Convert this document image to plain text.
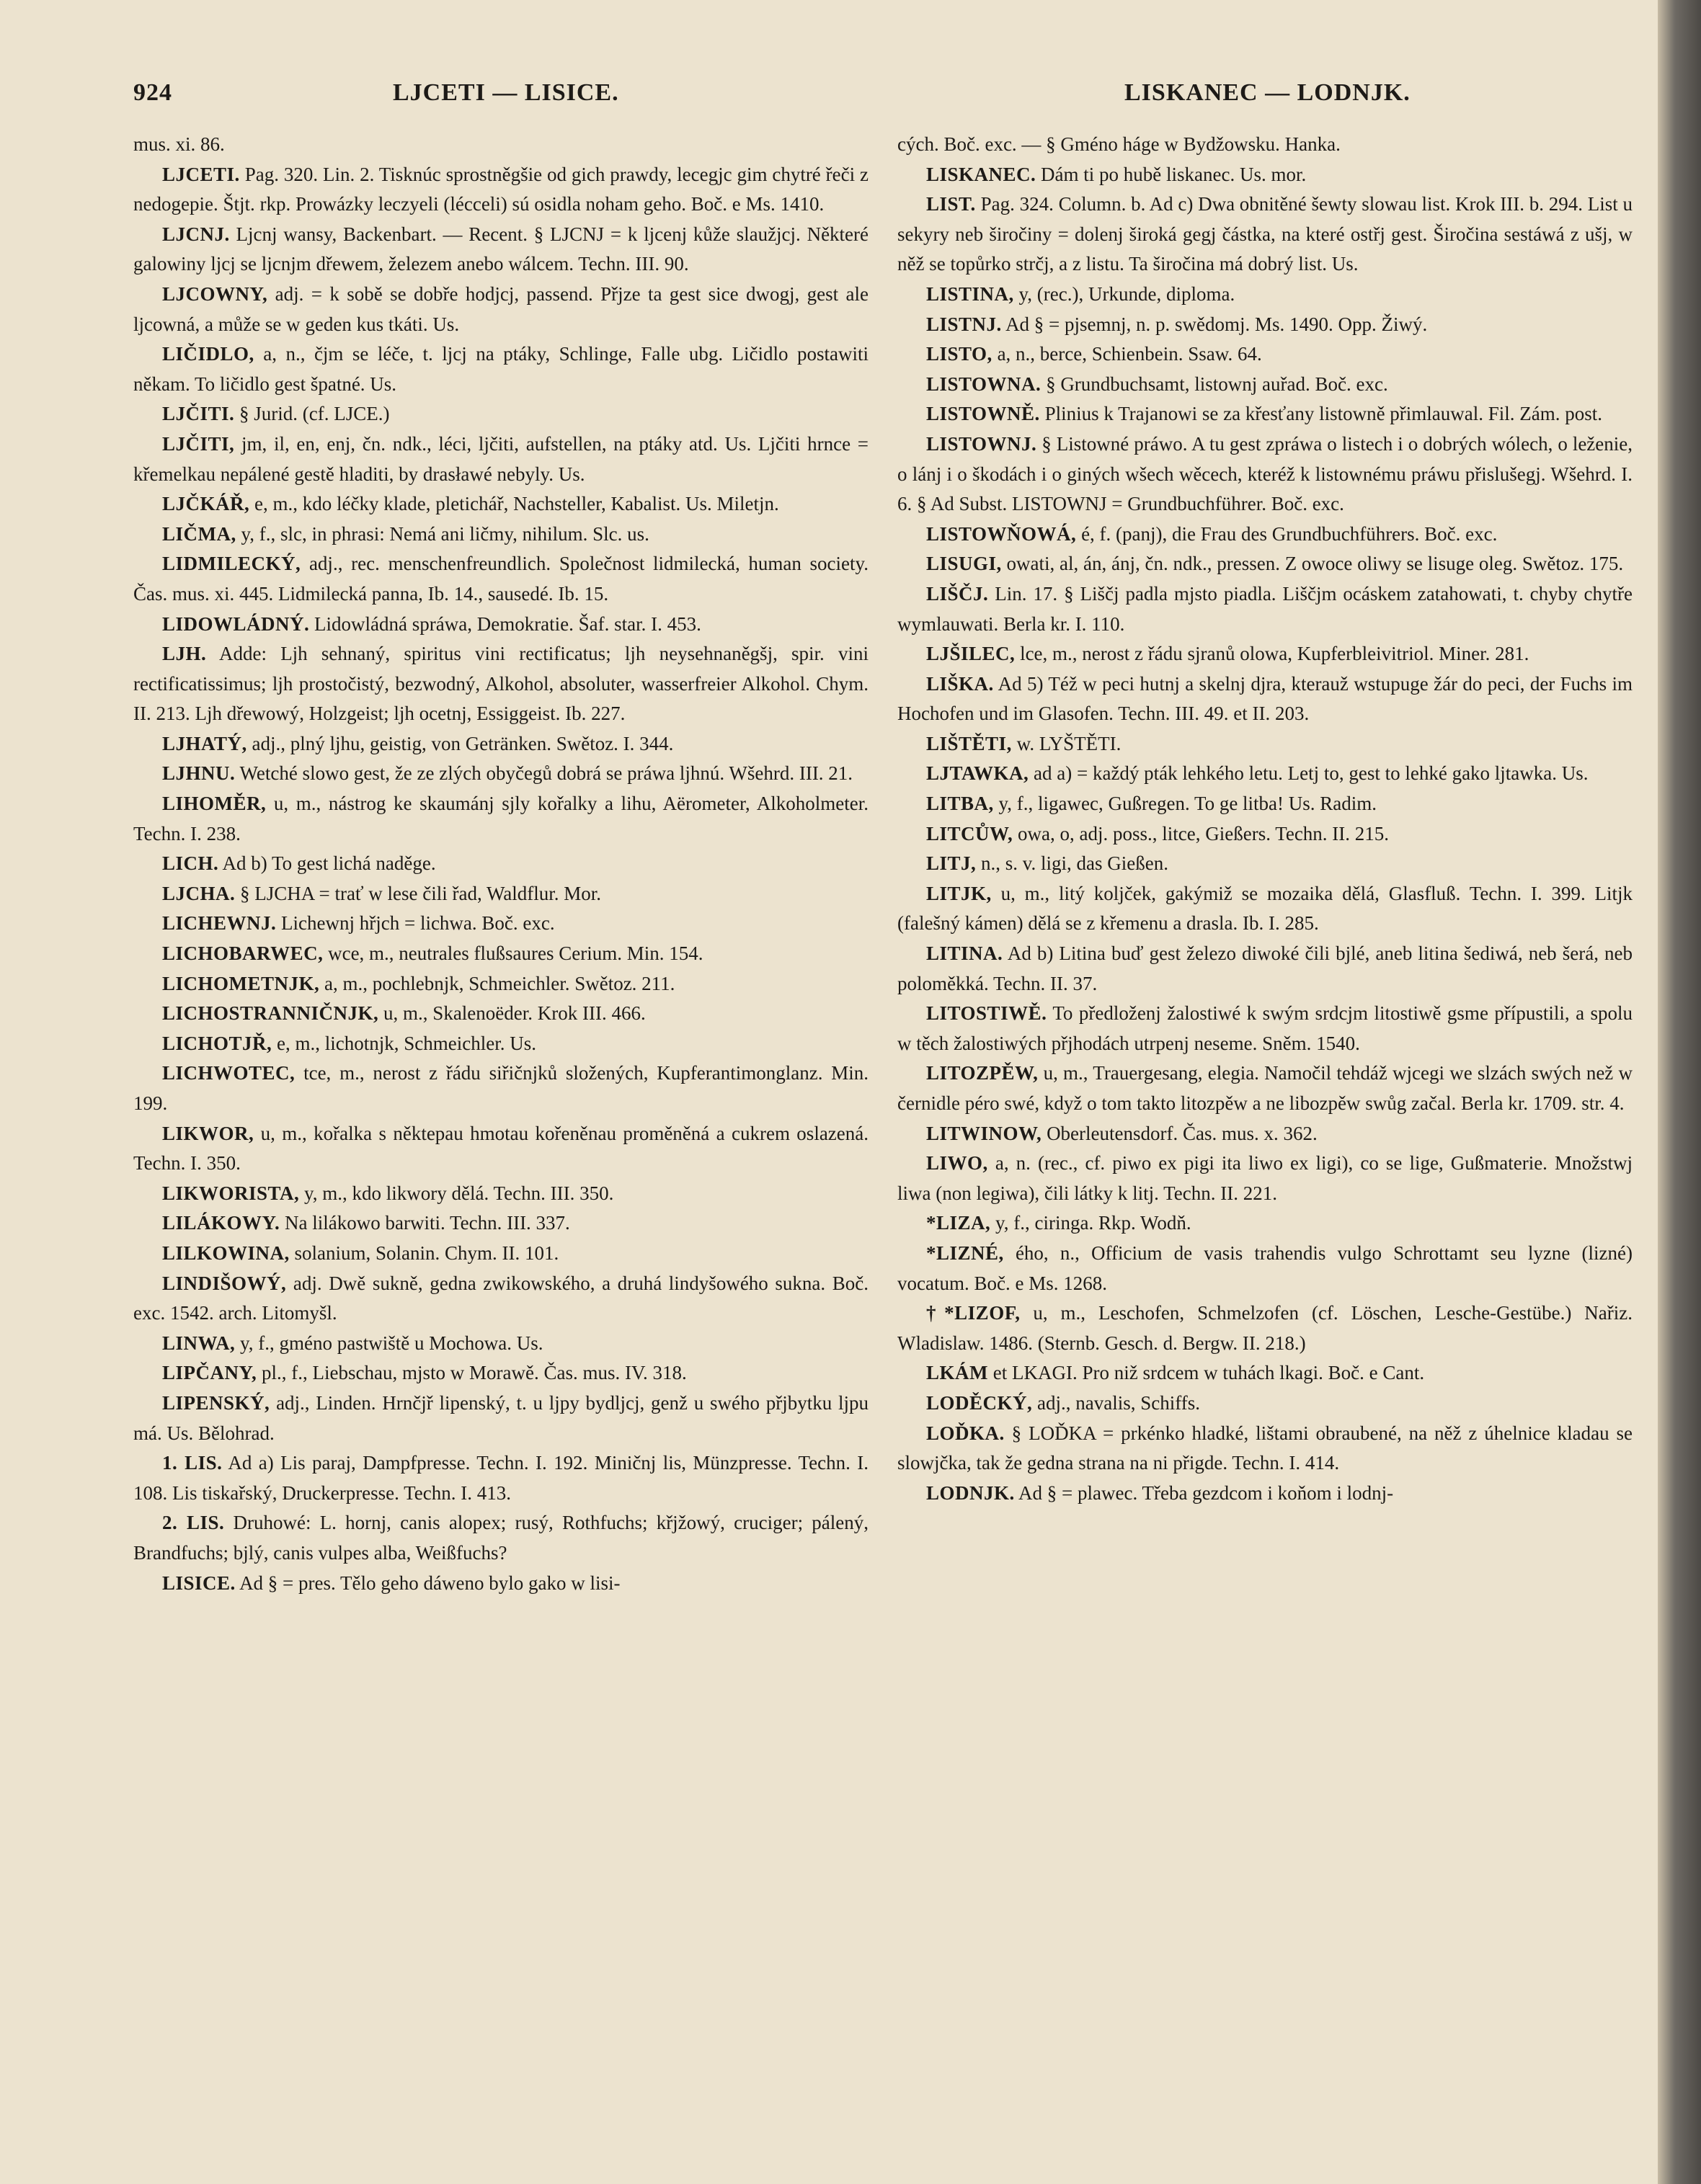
924	LJCETI — LISICE.	LISKANEC — LODNJK.

mus. xi. 86.

LJCETI. Pag. 320. Lin. 2. Tisknúc sprostněgšie od gich prawdy, lecegjc gim chytré řeči z nedogepie. Štjt. rkp. Prowázky leczyeli (lécceli) sú osidla noham geho. Boč. e Ms. 1410.

LJCNJ. Ljcnj wansy, Backenbart. — Recent. § LJCNJ = k ljcenj kůže slaužjcj. Některé galowiny ljcj se ljcnjm dřewem, železem anebo wálcem. Techn. III. 90.

LJCOWNY, adj. = k sobě se dobře hodjcj, passend. Přjze ta gest sice dwogj, gest ale ljcowná, a může se w geden kus tkáti. Us.

LIČIDLO, a, n., čjm se léče, t. ljcj na ptáky, Schlinge, Falle ubg. Ličidlo postawiti někam. To ličidlo gest špatné. Us.

LJČITI. § Jurid. (cf. LJCE.)

LJČITI, jm, il, en, enj, čn. ndk., léci, ljčiti, aufstellen, na ptáky atd. Us. Ljčiti hrnce = křemelkau nepálené gestě hladiti, by drasławé nebyly. Us.

LJČKÁŘ, e, m., kdo léčky klade, pletichář, Nachsteller, Kabalist. Us. Miletjn.

LIČMA, y, f., slc, in phrasi: Nemá ani ličmy, nihilum. Slc. us.

LIDMILECKÝ, adj., rec. menschenfreundlich. Společnost lidmilecká, human society. Čas. mus. xi. 445. Lidmilecká panna, Ib. 14., sausedé. Ib. 15.

LIDOWLÁDNÝ. Lidowládná spráwa, Demokratie. Šaf. star. I. 453.

LJH. Adde: Ljh sehnaný, spiritus vini rectificatus; ljh neysehnaněgšj, spir. vini rectificatissimus; ljh prostočistý, bezwodný, Alkohol, absoluter, wasserfreier Alkohol. Chym. II. 213. Ljh dřewowý, Holzgeist; ljh ocetnj, Essiggeist. Ib. 227.

LJHATÝ, adj., plný ljhu, geistig, von Getränken. Swětoz. I. 344.

LJHNU. Wetché slowo gest, že ze zlých obyčegů dobrá se práwa ljhnú. Wšehrd. III. 21.

LIHOMĚR, u, m., nástrog ke skaumánj sjly kořalky a lihu, Aërometer, Alkoholmeter. Techn. I. 238.

LICH. Ad b) To gest lichá naděge.

LJCHA. § LJCHA = trať w lese čili řad, Waldflur. Mor.

LICHEWNJ. Lichewnj hřjch = lichwa. Boč. exc.

LICHOBARWEC, wce, m., neutrales flußsaures Cerium. Min. 154.

LICHOMETNJK, a, m., pochlebnjk, Schmeichler. Swětoz. 211.

LICHOSTRANNIČNJK, u, m., Skalenoëder. Krok III. 466.

LICHOTJŘ, e, m., lichotnjk, Schmeichler. Us.

LICHWOTEC, tce, m., nerost z řádu siřičnjků složených, Kupferantimonglanz. Min. 199.

LIKWOR, u, m., kořalka s něktерau hmotau kořeněnau proměněná a cukrem oslazená. Techn. I. 350.

LIKWORISTA, y, m., kdo likwory dělá. Techn. III. 350.

LILÁKOWY. Na lilákowo barwiti. Techn. III. 337.

LILKOWINA, solanium, Solanin. Chym. II. 101.

LINDIŠOWÝ, adj. Dwě sukně, gedna zwikowského, a druhá lindyšowého sukna. Boč. exc. 1542. arch. Litomyšl.

LINWA, y, f., gméno pastwiště u Mochowa. Us.

LIPČANY, pl., f., Liebschau, mjsto w Morawě. Čas. mus. IV. 318.

LIPENSKÝ, adj., Linden. Hrnčjř lipenský, t. u ljpy bydljcj, genž u swého přjbytku ljpu má. Us. Bělohrad.

1. LIS. Ad a) Lis paraj, Dampfpresse. Techn. I. 192. Miničnj lis, Münzpresse. Techn. I. 108. Lis tiskařský, Druckerpresse. Techn. I. 413.

2. LIS. Druhowé: L. hornj, canis alopex; rusý, Rothfuchs; křjžowý, cruciger; pálený, Brandfuchs; bjlý, canis vulpes alba, Weißfuchs?

LISICE. Ad § = pres. Tělo geho dáweno bylo gako w lisi-

cých. Boč. exc. — § Gméno háge w Bydžowsku. Hanka.

LISKANEC. Dám ti po hubě liskanec. Us. mor.

LIST. Pag. 324. Column. b. Ad c) Dwa obnitěné šewty slowau list. Krok III. b. 294. List u sekyry neb širočiny = dolenj široká gegj částka, na které ostřj gest. Širočina sestáwá z ušj, w něž se topůrko strčj, a z listu. Ta širočina má dobrý list. Us.

LISTINA, y, (rec.), Urkunde, diploma.

LISTNJ. Ad § = pjsemnj, n. p. swědomj. Ms. 1490. Opp. Žiwý.

LISTO, a, n., berce, Schienbein. Ssaw. 64.

LISTOWNA. § Grundbuchsamt, listownj auřad. Boč. exc.

LISTOWNĚ. Plinius k Trajanowi se za křesťany listowně přimlauwal. Fil. Zám. post.

LISTOWNJ. § Listowné práwo. A tu gest zpráwa o listech i o dobrých wólech, o leženie, o lánj i o škodách i o giných wšech wěcech, kteréž k listownému práwu přislušegj. Wšehrd. I. 6. § Ad Subst. LISTOWNJ = Grundbuchführer. Boč. exc.

LISTOWŇOWÁ, é, f. (panj), die Frau des Grundbuchführers. Boč. exc.

LISUGI, owati, al, án, ánj, čn. ndk., pressen. Z owoce oliwy se lisuge oleg. Swětoz. 175.

LIŠČJ. Lin. 17. § Liščj padla mjsto piadla. Liščjm ocáskem zatahowati, t. chyby chytře wymlauwati. Berla kr. I. 110.

LJŠILEC, lce, m., nerost z řádu sjranů olowa, Kupferbleivitriol. Miner. 281.

LIŠKA. Ad 5) Též w peci hutnj a skelnj djra, kterauž wstupuge žár do peci, der Fuchs im Hochofen und im Glasofen. Techn. III. 49. et II. 203.

LIŠTĚTI, w. LYŠTĚTI.

LJTAWKA, ad a) = každý pták lehkého letu. Letj to, gest to lehké gako ljtawka. Us.

LITBA, y, f., ligawec, Gußregen. To ge litba! Us. Radim.

LITCŮW, owa, o, adj. poss., litce, Gießers. Techn. II. 215.

LITJ, n., s. v. ligi, das Gießen.

LITJK, u, m., litý koljček, gakýmiž se mozaika dělá, Glasfluß. Techn. I. 399. Litjk (falešný kámen) dělá se z křemenu a drasla. Ib. I. 285.

LITINA. Ad b) Litina buď gest železo diwoké čili bjlé, aneb litina šediwá, neb šerá, neb poloměkká. Techn. II. 37.

LITOSTIWĚ. To předloženj žalostiwé k swým srdcjm litostiwě gsme přípustili, a spolu w těch žalostiwých přjhodách utrpenj neseme. Sněm. 1540.

LITOZPĚW, u, m., Trauergesang, elegia. Namočil tehdáž wjcegi we slzách swých než w černidle péro swé, když o tom takto litozpěw a ne libozpěw swůg začal. Berla kr. 1709. str. 4.

LITWINOW, Oberleutensdorf. Čas. mus. x. 362.

LIWO, a, n. (rec., cf. piwo ex pigi ita liwo ex ligi), co se lige, Gußmaterie. Množstwj liwa (non legiwa), čili látky k litj. Techn. II. 221.

*LIZA, y, f., ciringa. Rkp. Wodň.

*LIZNÉ, ého, n., Officium de vasis trahendis vulgo Schrottamt seu lyzne (lizné) vocatum. Boč. e Ms. 1268.

†*LIZOF, u, m., Leschofen, Schmelzofen (cf. Löschen, Lesche-Gestübe.) Nařiz. Wladislaw. 1486. (Sternb. Gesch. d. Bergw. II. 218.)

LKÁM et LKAGI. Pro niž srdcem w tuhách lkagi. Boč. e Cant.

LODĚCKÝ, adj., navalis, Schiffs.

LOĎKA. § LOĎKA = prkénko hladké, lištami obraubené, na něž z úhelnice kladau se slowjčka, tak že gedna strana na ni přigde. Techn. I. 414.

LODNJK. Ad § = plawec. Třeba gezdcom i koňom i lodnj-
